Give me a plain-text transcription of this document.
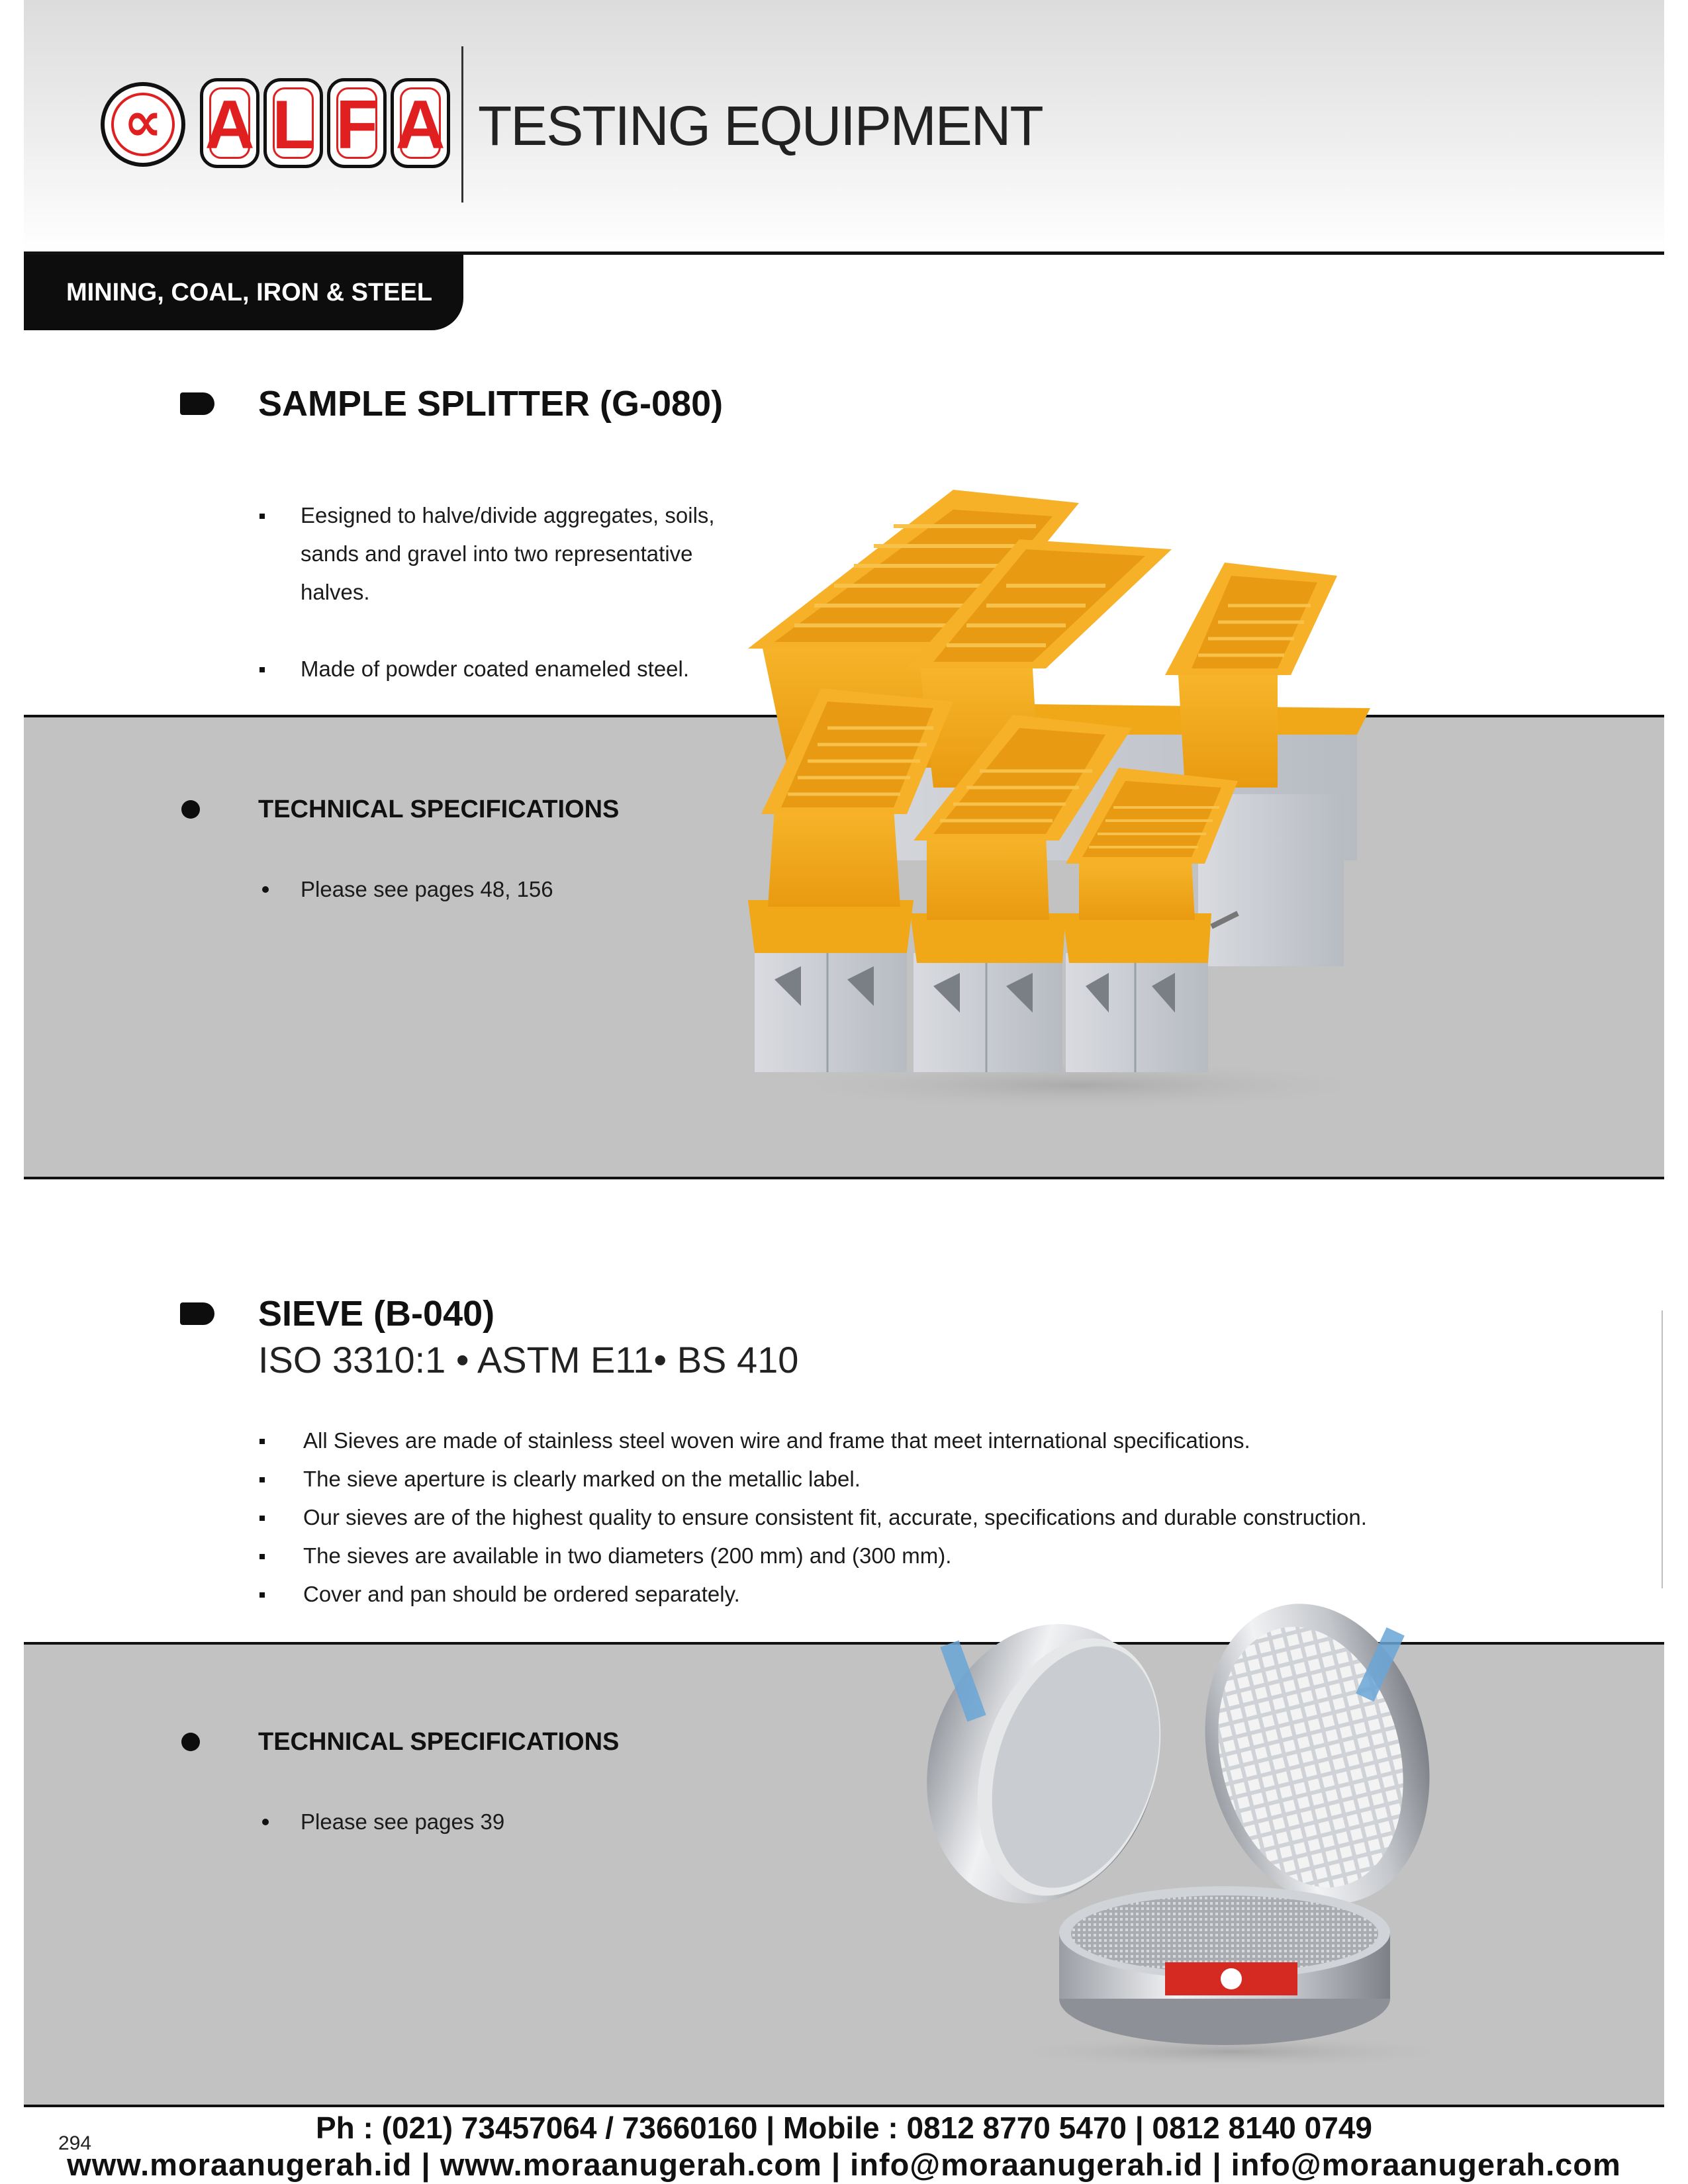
∝ A L F A TESTING EQUIPMENT
MINING, COAL, IRON & STEEL
SAMPLE SPLITTER (G-080)
Eesigned to halve/divide aggregates, soils,
sands and gravel into two representative
halves.
Made of powder coated enameled steel.
TECHNICAL SPECIFICATIONS
Please see pages 48, 156
SIEVE (B-040)
ISO 3310:1 • ASTM E11• BS 410
All Sieves are made of stainless steel woven wire and frame that meet international specifications.
The sieve aperture is clearly marked on the metallic label.
Our sieves are of the highest quality to ensure consistent fit, accurate, specifications and durable construction.
The sieves are available in two diameters (200 mm) and (300 mm).
Cover and pan should be ordered separately.
TECHNICAL SPECIFICATIONS
Please see pages 39
294	Ph : (021) 73457064 / 73660160 | Mobile : 0812 8770 5470 | 0812 8140 0749
www.moraanugerah.id | www.moraanugerah.com | info@moraanugerah.id | info@moraanugerah.com
